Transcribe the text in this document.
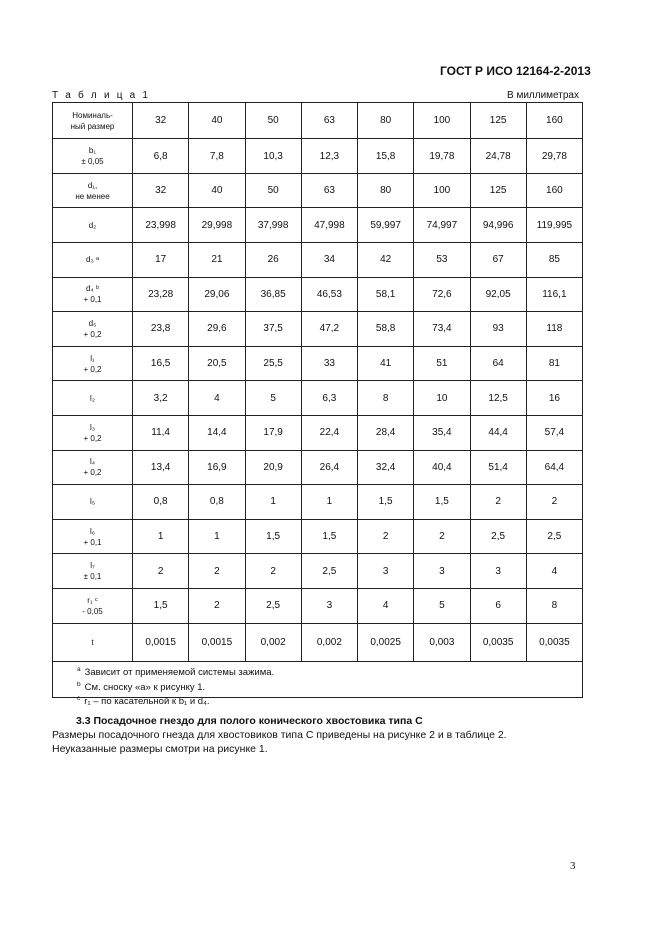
ГОСТ Р ИСО 12164-2-2013
Т а б л и ц а 1	В миллиметрах
Номиналь-
ный размер	32	40	50	63	80	100	125	160

b₁
± 0,05	6,8	7,8	10,3	12,3	15,8	19,78	24,78	29,78

d₁,
не менее	32	40	50	63	80	100	125	160

d₂	23,998	29,998	37,998	47,998	59,997	74,997	94,996	119,995

d₃ ᵃ	17	21	26	34	42	53	67	85

d₄ ᵇ
+ 0,1	23,28	29,06	36,85	46,53	58,1	72,6	92,05	116,1

d₅
+ 0,2	23,8	29,6	37,5	47,2	58,8	73,4	93	118

l₁
+ 0,2	16,5	20,5	25,5	33	41	51	64	81

l₂	3,2	4	5	6,3	8	10	12,5	16

l₃
+ 0,2	11,4	14,4	17,9	22,4	28,4	35,4	44,4	57,4

l₄
+ 0,2	13,4	16,9	20,9	26,4	32,4	40,4	51,4	64,4

l₅	0,8	0,8	1	1	1,5	1,5	2	2

l₆
+ 0,1	1	1	1,5	1,5	2	2	2,5	2,5

l₇
± 0,1	2	2	2	2,5	3	3	3	4

r₁ ᶜ
- 0,05	1,5	2	2,5	3	4	5	6	8

t	0,0015	0,0015	0,002	0,002	0,0025	0,003	0,0035	0,0035
$^a$ Зависит от применяемой системы зажима.
$^b$ См. сноску «a» к рисунку 1.
$^c$ r₁ – по касательной к b₁ и d₄.
3.3 Посадочное гнездо для полого конического хвостовика типа С
Размеры посадочного гнезда для хвостовиков типа С приведены на рисунке 2 и в таблице 2.
Неуказанные размеры смотри на рисунке 1.
3
